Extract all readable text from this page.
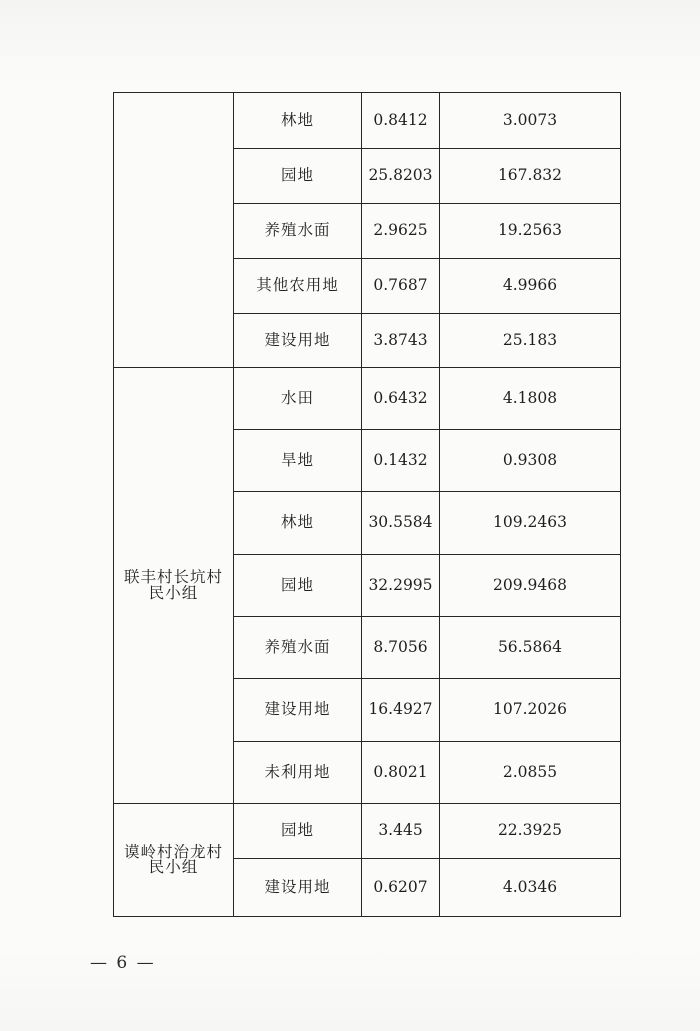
	林地	0.8412	3.0073
	园地	25.8203	167.832
	养殖水面	2.9625	19.2563
	其他农用地	0.7687	4.9966
	建设用地	3.8743	25.183

联丰村长坑村民小组	水田	0.6432	4.1808
	旱地	0.1432	0.9308
	林地	30.5584	109.2463
	园地	32.2995	209.9468
	养殖水面	8.7056	56.5864
	建设用地	16.4927	107.2026
	未利用地	0.8021	2.0855

谟岭村治龙村民小组	园地	3.445	22.3925
	建设用地	0.6207	4.0346
— 6 —
